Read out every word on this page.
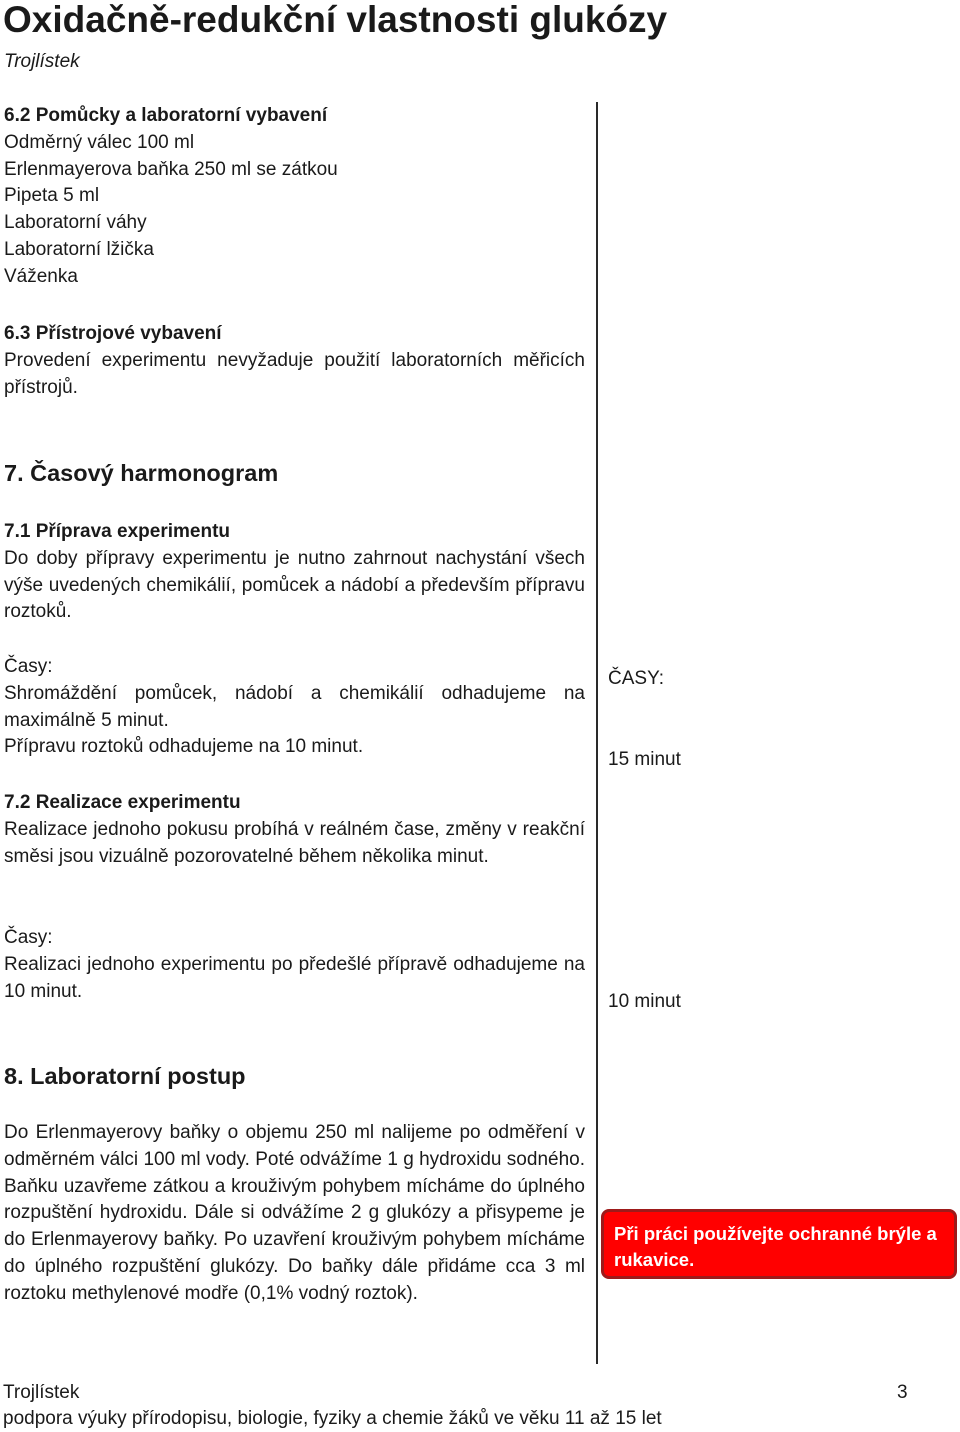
Oxidačně-redukční vlastnosti glukózy
Trojlístek

6.2 Pomůcky a laboratorní vybavení

Odměrný válec 100 ml

Erlenmayerova baňka 250 ml se zátkou

Pipeta 5 ml

Laboratorní váhy

Laboratorní lžička

Váženka

6.3 Přístrojové vybavení

Provedení experimentu nevyžaduje použití laboratorních měřicích přístrojů.

7. Časový harmonogram

7.1 Příprava experimentu

Do doby přípravy experimentu je nutno zahrnout nachystání všech výše uvedených chemikálií, pomůcek a nádobí a především přípravu roztoků.

Časy:

Shromáždění pomůcek, nádobí a chemikálií odhadujeme na maximálně 5 minut.

Přípravu roztoků odhadujeme na 10 minut.

7.2 Realizace experimentu

Realizace jednoho pokusu probíhá v reálném čase, změny v reakční směsi jsou vizuálně pozorovatelné během několika minut.

Časy:

Realizaci jednoho experimentu po předešlé přípravě odhadujeme na 10 minut.

8. Laboratorní postup

Do Erlenmayerovy baňky o objemu 250 ml nalijeme po odměření v odměrném válci 100 ml vody. Poté odvážíme 1 g hydroxidu sodného. Baňku uzavřeme zátkou a krouživým pohybem mícháme do úplného rozpuštění hydroxidu. Dále si odvážíme 2 g glukózy a přisypeme je do Erlenmayerovy baňky. Po uzavření krouživým pohybem mícháme do úplného rozpuštění glukózy. Do baňky dále přidáme cca 3 ml roztoku methylenové modře (0,1% vodný roztok).

ČASY:
15 minut
10 minut
Při práci používejte ochranné brýle a rukavice.
Trojlístek	3
podpora výuky přírodopisu, biologie, fyziky a chemie žáků ve věku 11 až 15 let
